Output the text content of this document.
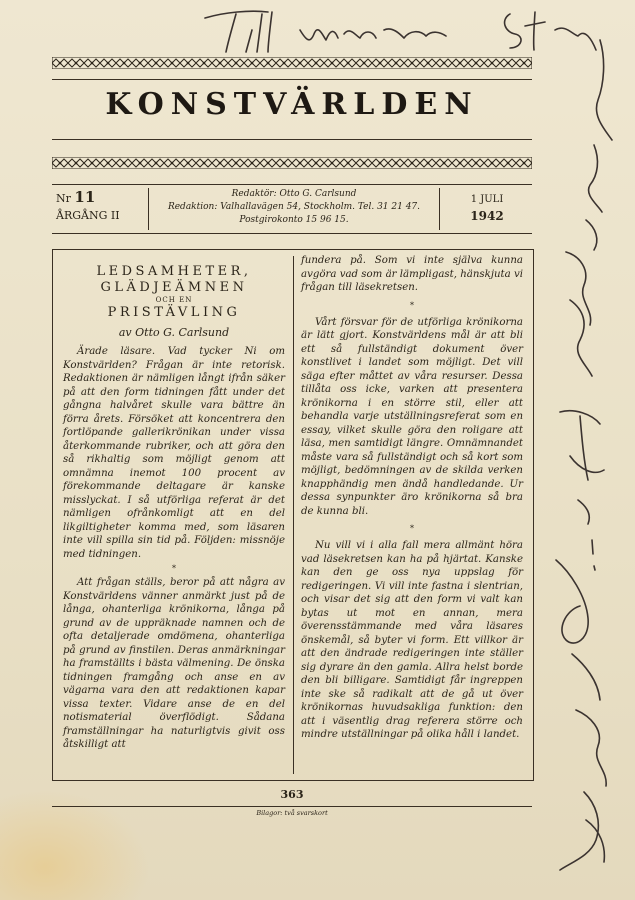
KONSTVÄRLDEN
Nr 11
ÅRGÅNG II
Redaktör: Otto G. Carlsund
Redaktion: Valhallavägen 54, Stockholm. Tel. 31 21 47.
Postgirokonto 15 96 15.
1 JULI
1942
LEDSAMHETER,
GLÄDJEÄMNEN
OCH EN
PRISTÄVLING
av Otto G. Carlsund

Ärade läsare. Vad tycker Ni om Konstvärlden? Frågan är inte retorisk. Redaktionen är nämligen långt ifrån säker på att den form tidningen fått under det gångna halvåret skulle vara bättre än förra årets. Försöket att koncentrera den fortlöpande gallerikrönikan under vissa återkommande rubriker, och att göra den så rikhaltig som möjligt genom att omnämna inemot 100 procent av förekommande deltagare är kanske misslyckat. I så utförliga referat är det nämligen ofrånkomligt att en del likgiltigheter komma med, som läsaren inte vill spilla sin tid på. Följden: missnöje med tidningen.

*

Att frågan ställs, beror på att några av Konstvärldens vänner anmärkt just på de långa, ohanterliga krönikorna, långa på grund av de uppräknade namnen och de ofta detaljerade omdömena, ohanterliga på grund av finstilen. Deras anmärkningar ha framställts i bästa välmening. De önska tidningen framgång och anse en av vägarna vara den att redaktionen kapar vissa texter. Vidare anse de en del notismaterial överflödigt. Sådana framställningar ha naturligtvis givit oss åtskilligt att

fundera på. Som vi inte själva kunna avgöra vad som är lämpligast, hänskjuta vi frågan till läsekretsen.

*

Vårt försvar för de utförliga krönikorna är lätt gjort. Konstvärldens mål är att bli ett så fullständigt dokument över konstlivet i landet som möjligt. Det vill säga efter måttet av våra resurser. Dessa tillåta oss icke, varken att presentera krönikorna i en större stil, eller att behandla varje utställningsreferat som en essay, vilket skulle göra den roligare att läsa, men samtidigt längre. Omnämnandet måste vara så fullständigt och så kort som möjligt, bedömningen av de skilda verken knapphändig men ändå handledande. Ur dessa synpunkter äro krönikorna så bra de kunna bli.

*

Nu vill vi i alla fall mera allmänt höra vad läsekretsen kan ha på hjärtat. Kanske kan den ge oss nya uppslag för redigeringen. Vi vill inte fastna i slentrian, och visar det sig att den form vi valt kan bytas ut mot en annan, mera överensstämmande med våra läsares önskemål, så byter vi form. Ett villkor är att den ändrade redigeringen inte ställer sig dyrare än den gamla. Allra helst borde den bli billigare. Samtidigt får ingreppen inte ske så radikalt att de gå ut över krönikornas huvudsakliga funktion: den att i väsentlig drag referera större och mindre utställningar på olika håll i landet.

363
Bilagor: två svarskort
